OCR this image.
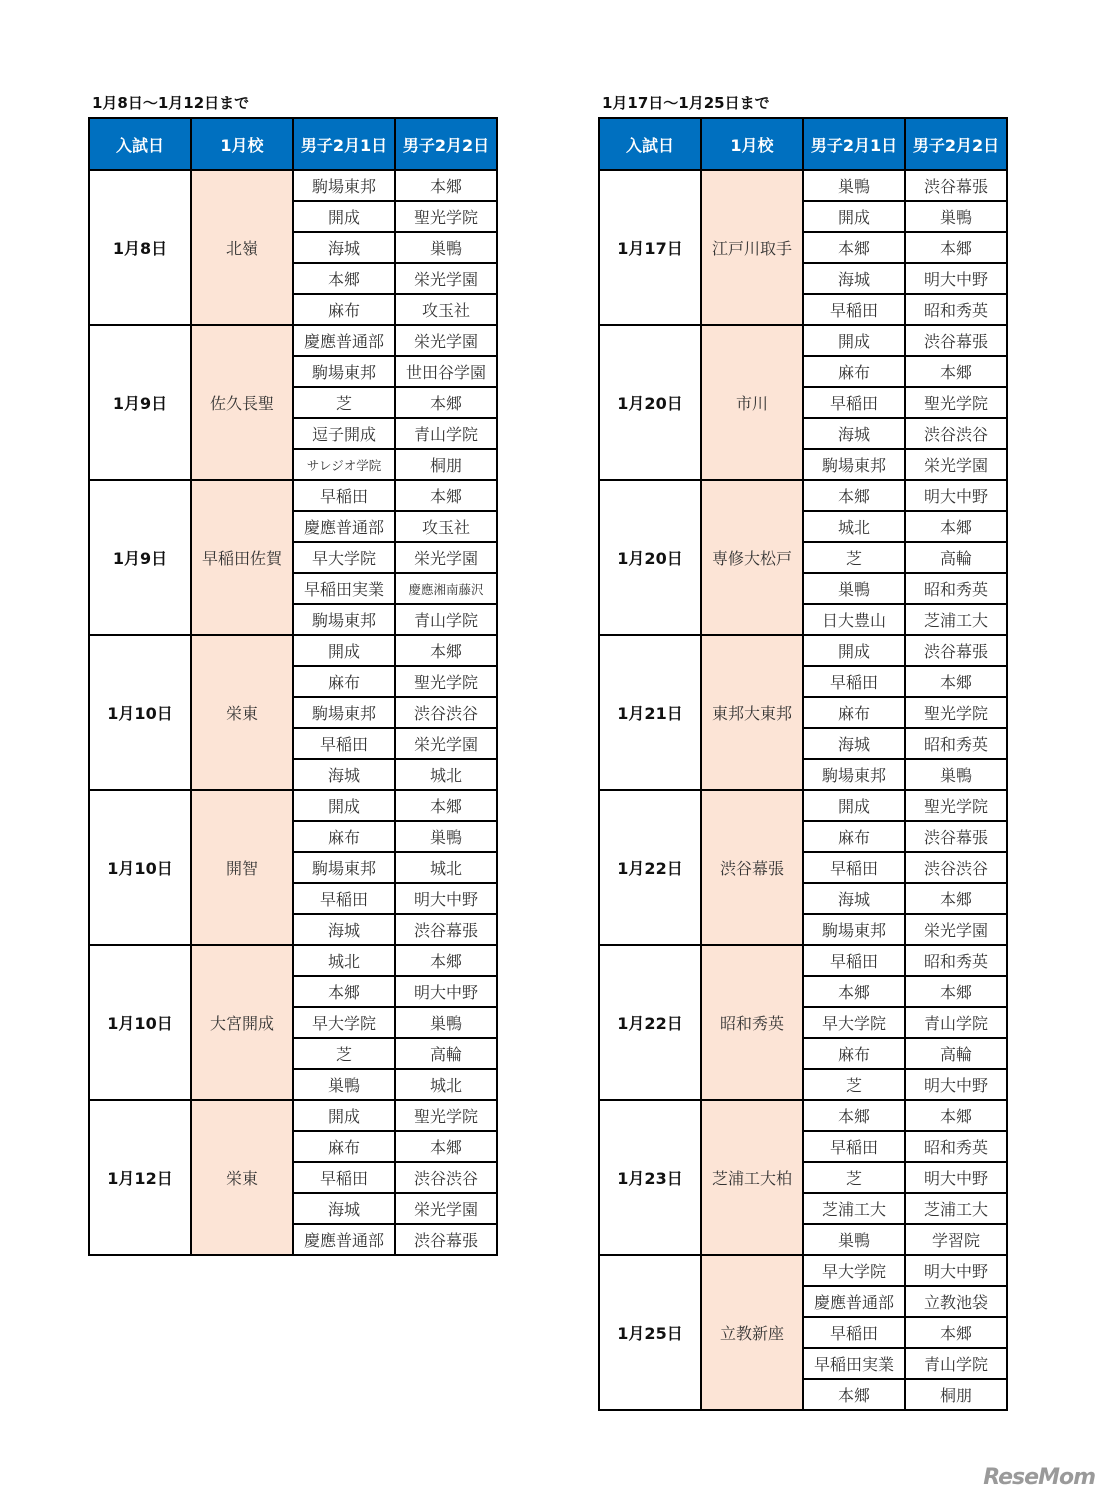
1月8日〜1月12日まで
入試日	1月校	男子2月1日	男子2月2日
1月8日	北嶺	駒場東邦	本郷
		開成	聖光学院
		海城	巣鴨
		本郷	栄光学園
		麻布	攻玉社
1月9日	佐久長聖	慶應普通部	栄光学園
		駒場東邦	世田谷学園
		芝	本郷
		逗子開成	青山学院
		サレジオ学院	桐朋
1月9日	早稲田佐賀	早稲田	本郷
		慶應普通部	攻玉社
		早大学院	栄光学園
		早稲田実業	慶應湘南藤沢
		駒場東邦	青山学院
1月10日	栄東	開成	本郷
		麻布	聖光学院
		駒場東邦	渋谷渋谷
		早稲田	栄光学園
		海城	城北
1月10日	開智	開成	本郷
		麻布	巣鴨
		駒場東邦	城北
		早稲田	明大中野
		海城	渋谷幕張
1月10日	大宮開成	城北	本郷
		本郷	明大中野
		早大学院	巣鴨
		芝	高輪
		巣鴨	城北
1月12日	栄東	開成	聖光学院
		麻布	本郷
		早稲田	渋谷渋谷
		海城	栄光学園
		慶應普通部	渋谷幕張
1月17日〜1月25日まで
入試日	1月校	男子2月1日	男子2月2日
1月17日	江戸川取手	巣鴨	渋谷幕張
		開成	巣鴨
		本郷	本郷
		海城	明大中野
		早稲田	昭和秀英
1月20日	市川	開成	渋谷幕張
		麻布	本郷
		早稲田	聖光学院
		海城	渋谷渋谷
		駒場東邦	栄光学園
1月20日	専修大松戸	本郷	明大中野
		城北	本郷
		芝	高輪
		巣鴨	昭和秀英
		日大豊山	芝浦工大
1月21日	東邦大東邦	開成	渋谷幕張
		早稲田	本郷
		麻布	聖光学院
		海城	昭和秀英
		駒場東邦	巣鴨
1月22日	渋谷幕張	開成	聖光学院
		麻布	渋谷幕張
		早稲田	渋谷渋谷
		海城	本郷
		駒場東邦	栄光学園
1月22日	昭和秀英	早稲田	昭和秀英
		本郷	本郷
		早大学院	青山学院
		麻布	高輪
		芝	明大中野
1月23日	芝浦工大柏	本郷	本郷
		早稲田	昭和秀英
		芝	明大中野
		芝浦工大	芝浦工大
		巣鴨	学習院
1月25日	立教新座	早大学院	明大中野
		慶應普通部	立教池袋
		早稲田	本郷
		早稲田実業	青山学院
		本郷	桐朋
ReseMom
